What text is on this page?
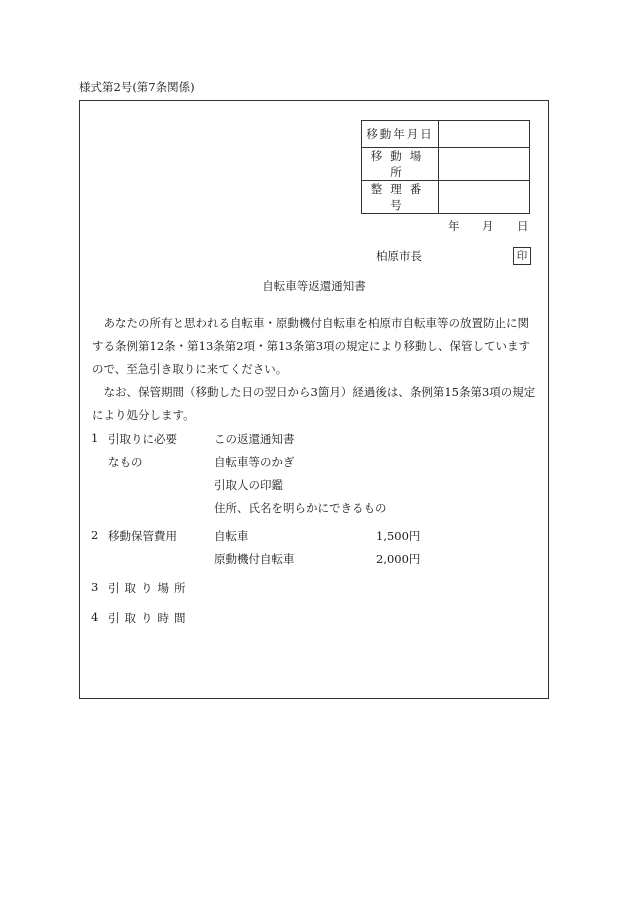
様式第2号(第7条関係)
移動年月日	
移動場所	
整理番号	
年 月 日
柏原市長	印
自転車等返還通知書
あなたの所有と思われる自転車・原動機付自転車を柏原市自転車等の放置防止に関する条例第12条・第13条第2項・第13条第3項の規定により移動し、保管していますので、至急引き取りに来てください。
なお、保管期間（移動した日の翌日から3箇月）経過後は、条例第15条第3項の規定により処分します。
1 引取りに必要
なもの
この返還通知書
自転車等のかぎ
引取人の印鑑
住所、氏名を明らかにできるもの
2 移動保管費用	自転車	1,500円
原動機付自転車	2,000円
3 引取り場所
4 引取り時間
